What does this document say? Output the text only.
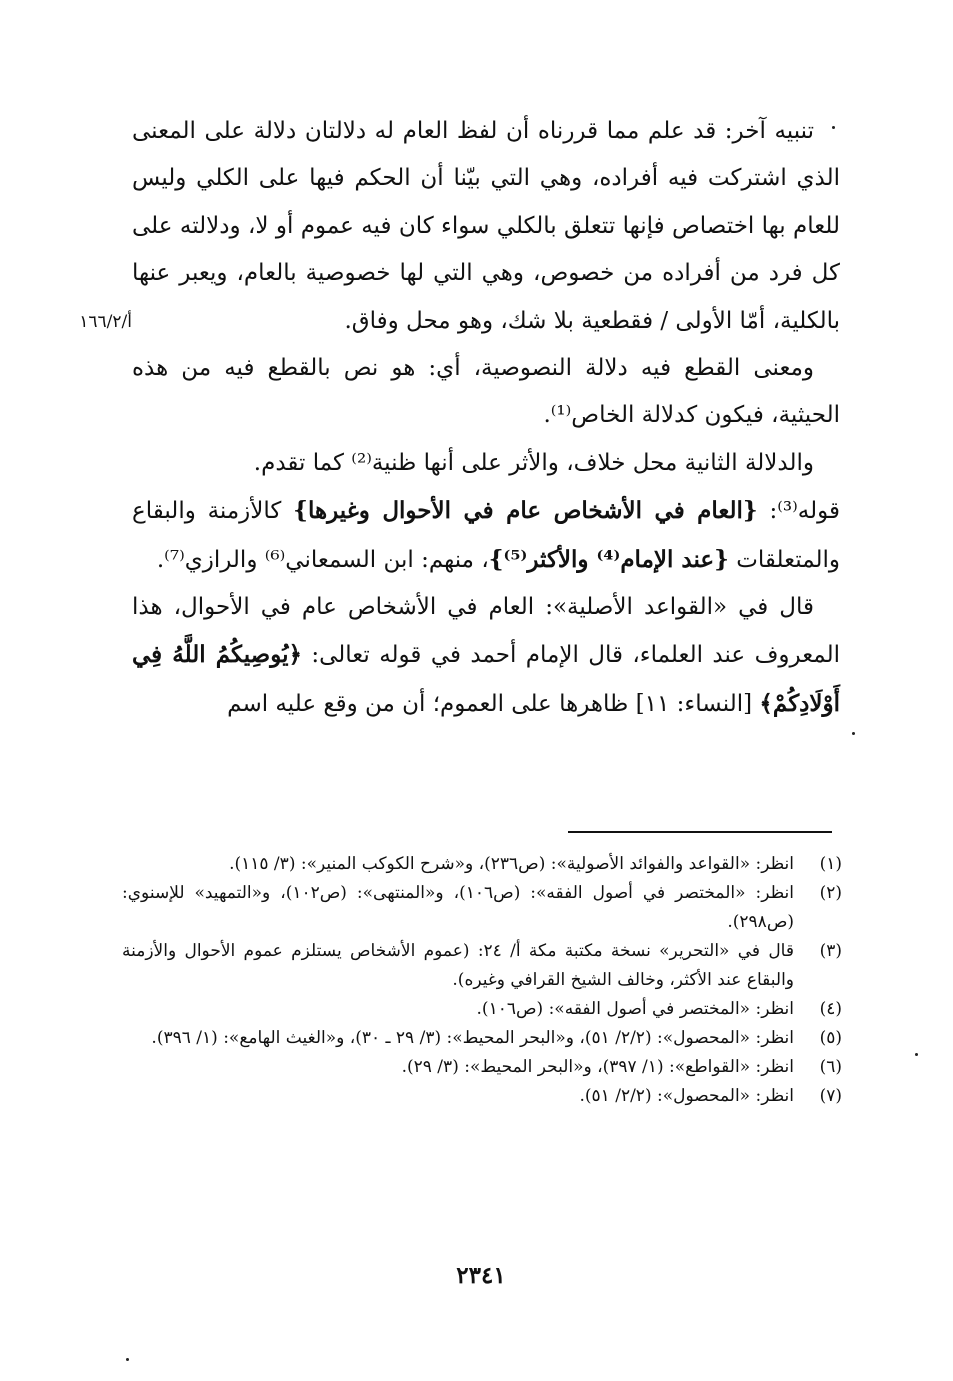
تنبيه آخر: قد علم مما قررناه أن لفظ العام له دلالتان دلالة على المعنى الذي اشتركت فيه أفراده، وهي التي بيّنا أن الحكم فيها على الكلي وليس للعام بها اختصاص فإنها تتعلق بالكلي سواء كان فيه عموم أو لا، ودلالته على كل فرد من أفراده من خصوص، وهي التي لها خصوصية بالعام، ويعبر عنها بالكلية، أمّا الأولى / فقطعية بلا شك، وهو محل وفاق.

ومعنى القطع فيه دلالة النصوصية، أي: هو نص بالقطع فيه من هذه الحيثية، فيكون كدلالة الخاص⁽¹⁾.

والدلالة الثانية محل خلاف، والأثر على أنها ظنية⁽²⁾ كما تقدم.

قوله⁽³⁾: {العام في الأشخاص عام في الأحوال وغيرها} كالأزمنة والبقاع والمتعلقات {عند الإمام⁽⁴⁾ والأكثر⁽⁵⁾}، منهم: ابن السمعاني⁽⁶⁾ والرازي⁽⁷⁾.

قال في «القواعد الأصلية»: العام في الأشخاص عام في الأحوال، هذا المعروف عند العلماء، قال الإمام أحمد في قوله تعالى: ﴿يُوصِيكُمُ اللَّهُ فِي أَوْلَادِكُمْ﴾ [النساء: ١١] ظاهرها على العموم؛ أن من وقع عليه اسم

أ/١٦٦/٢
(١)
انظر: «القواعد والفوائد الأصولية»: (ص٢٣٦)، و«شرح الكوكب المنير»: (٣/ ١١٥).
(٢)
انظر: «المختصر في أصول الفقه»: (ص١٠٦)، و«المنتهى»: (ص١٠٢)، و«التمهيد» للإسنوي: (ص٢٩٨).
(٣)
قال في «التحرير» نسخة مكتبة مكة أ/ ٢٤: (عموم الأشخاص يستلزم عموم الأحوال والأزمنة والبقاع عند الأكثر، وخالف الشيخ القرافي وغيره).
(٤)
انظر: «المختصر في أصول الفقه»: (ص١٠٦).
(٥)
انظر: «المحصول»: (٢/٢/ ٥١)، و«البحر المحيط»: (٣/ ٢٩ ـ ٣٠)، و«الغيث الهامع»: (١/ ٣٩٦).
(٦)
انظر: «القواطع»: (١/ ٣٩٧)، و«البحر المحيط»: (٣/ ٢٩).
(٧)
انظر: «المحصول»: (٢/٢/ ٥١).
٢٣٤١
